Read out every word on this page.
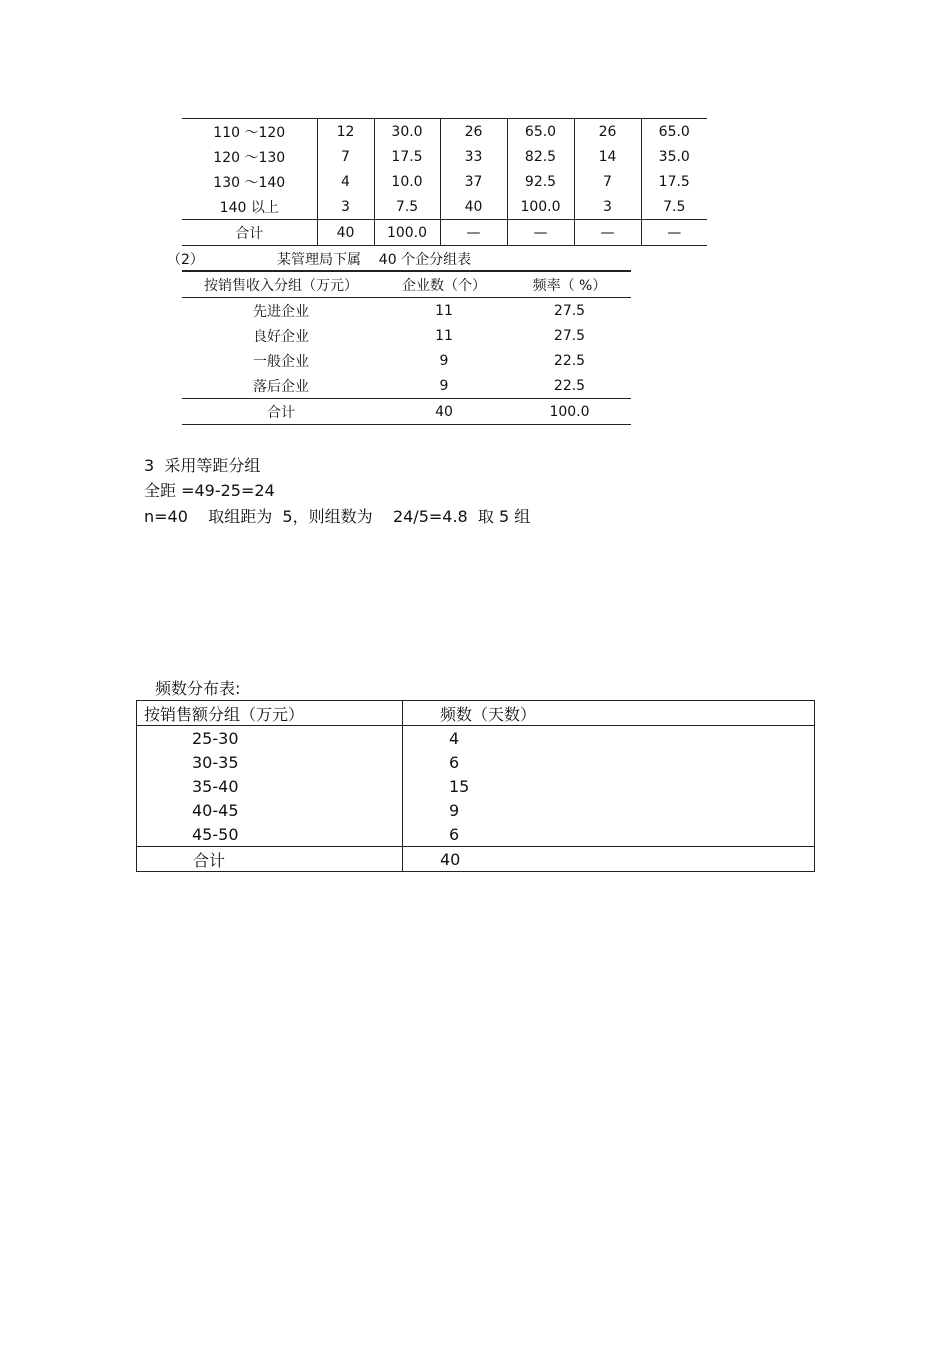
110 ～120	12	30.0	26	65.0	26	65.0
120 ～130	7	17.5	33	82.5	14	35.0
130 ～140	4	10.0	37	92.5	7	17.5
140 以上	3	7.5	40	100.0	3	7.5
合计	40	100.0	—	—	—	—
（2）	某管理局下属    40 个企分组表
按销售收入分组（万元）	企业数（个）	频率（ %）
先进企业	11	27.5
良好企业	11	27.5
一般企业	9	22.5
落后企业	9	22.5
合计	40	100.0
3  采用等距分组
全距 =49-25=24
n=40    取组距为  5，则组数为    24/5=4.8  取 5 组
频数分布表:
按销售额分组（万元）	频数（天数）
25-30	4
30-35	6
35-40	15
40-45	9
45-50	6
合计	40
